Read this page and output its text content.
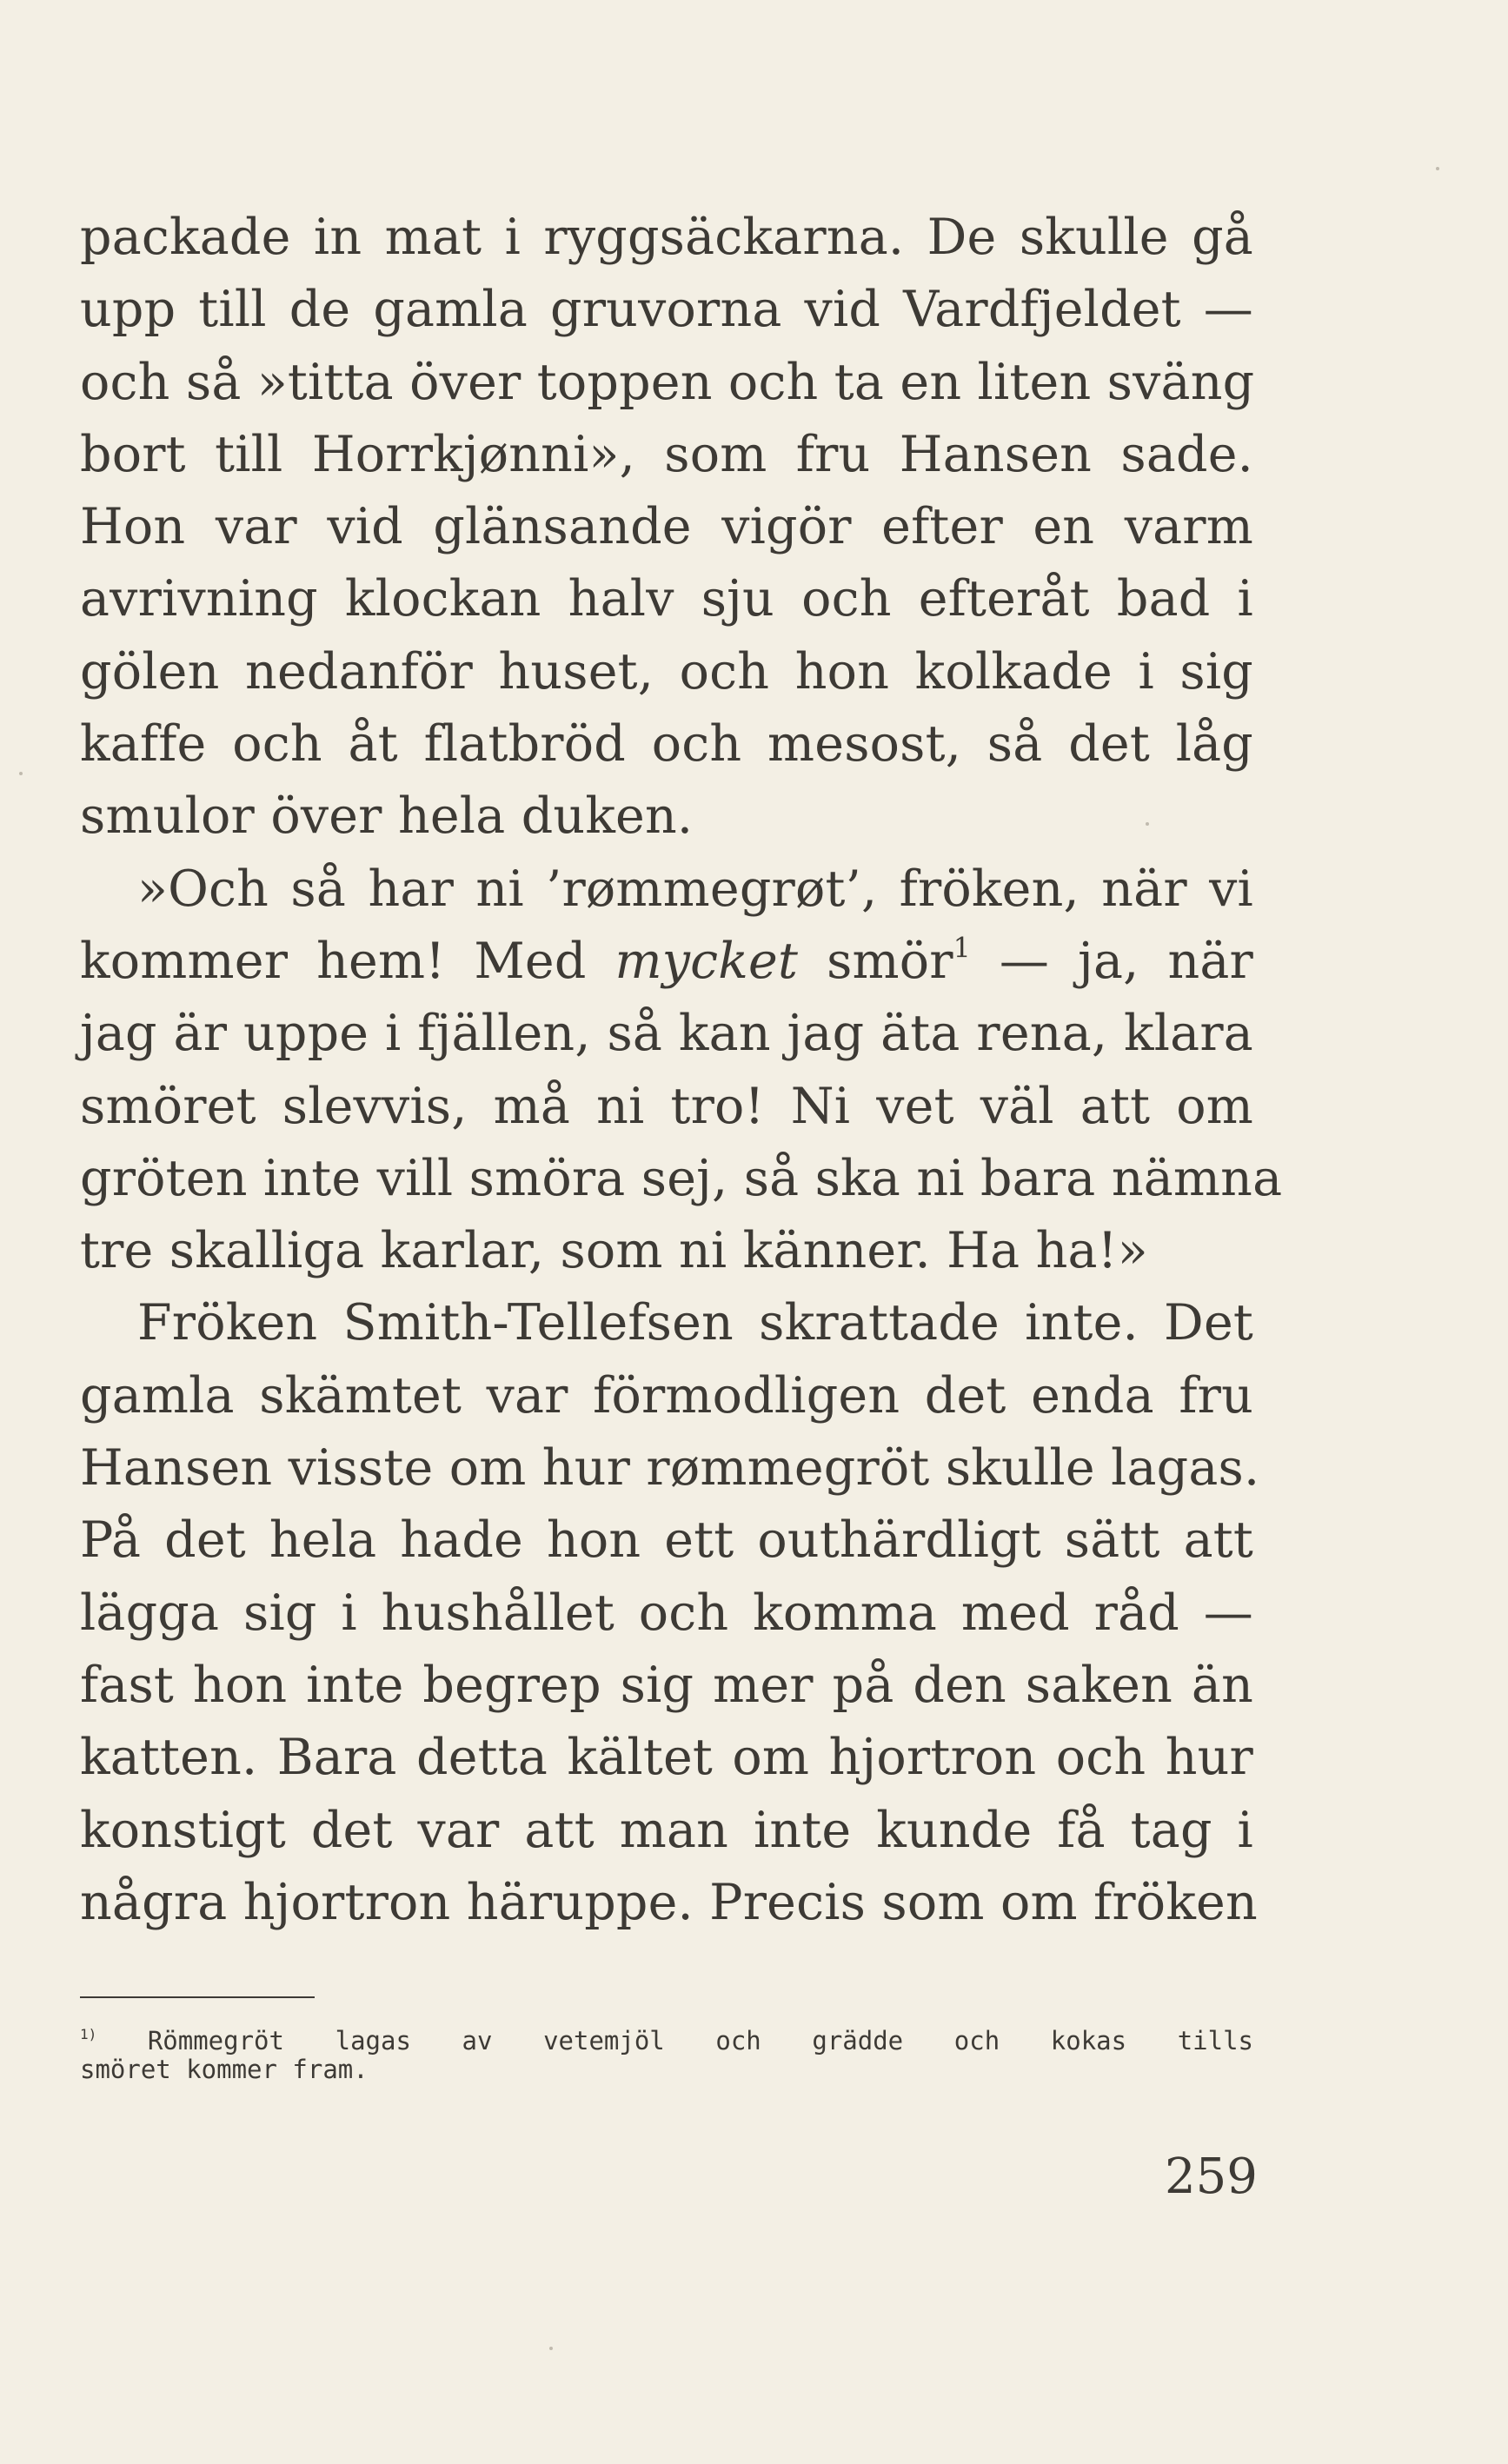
packade in mat i ryggsäckarna. De skulle gå
upp till de gamla gruvorna vid Vardfjeldet —
och så »titta över toppen och ta en liten sväng
bort till Horrkjønni», som fru Hansen sade.
Hon var vid glänsande vigör efter en varm
avrivning klockan halv sju och efteråt bad i
gölen nedanför huset, och hon kolkade i sig
kaffe och åt flatbröd och mesost, så det låg
smulor över hela duken.
»Och så har ni ’rømmegrøt’, fröken, när vi
kommer hem! Med mycket smör$^1$ — ja, när
jag är uppe i fjällen, så kan jag äta rena, klara
smöret slevvis, må ni tro! Ni vet väl att om
gröten inte vill smöra sej, så ska ni bara nämna
tre skalliga karlar, som ni känner. Ha ha!»
Fröken Smith-Tellefsen skrattade inte. Det
gamla skämtet var förmodligen det enda fru
Hansen visste om hur rømmegröt skulle lagas.
På det hela hade hon ett outhärdligt sätt att
lägga sig i hushållet och komma med råd —
fast hon inte begrep sig mer på den saken än
katten. Bara detta kältet om hjortron och hur
konstigt det var att man inte kunde få tag i
några hjortron häruppe. Precis som om fröken
$^{1)}$ Römmegröt lagas av vetemjöl och grädde och kokas tills
smöret kommer fram.
259
